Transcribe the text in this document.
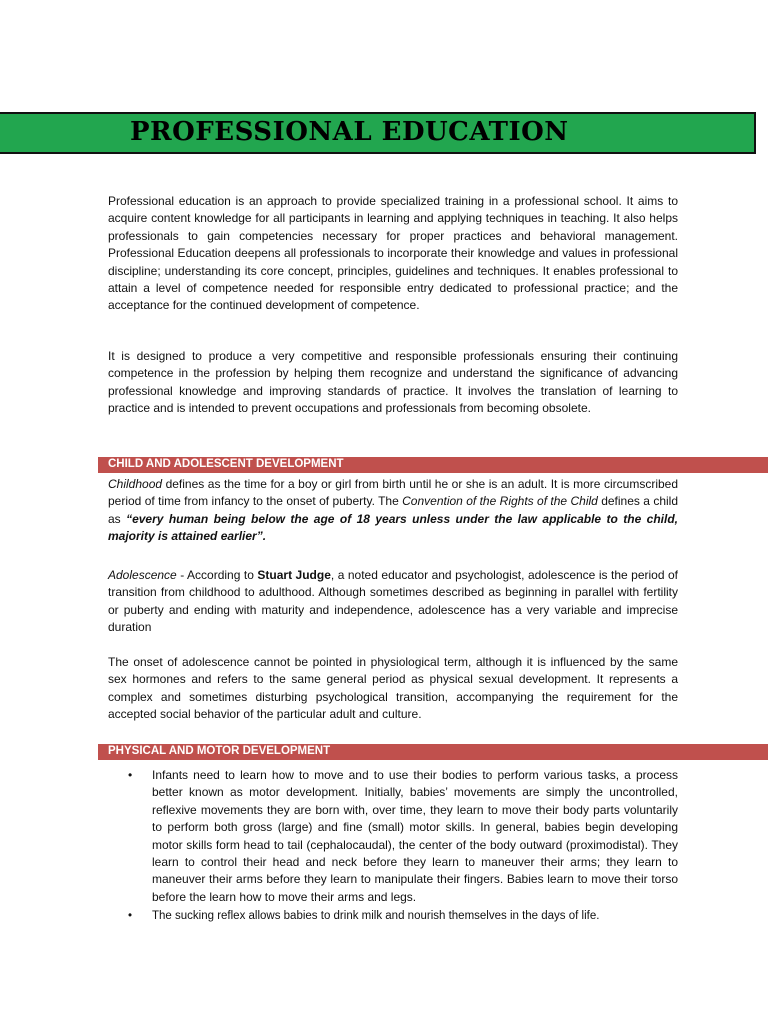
PROFESSIONAL EDUCATION

Professional education is an approach to provide specialized training in a professional school. It aims to acquire content knowledge for all participants in learning and applying techniques in teaching. It also helps professionals to gain competencies necessary for proper practices and behavioral management. Professional Education deepens all professionals to incorporate their knowledge and values in professional discipline; understanding its core concept, principles, guidelines and techniques. It enables professional to attain a level of competence needed for responsible entry dedicated to professional practice; and the acceptance for the continued development of competence.

It is designed to produce a very competitive and responsible professionals ensuring their continuing competence in the profession by helping them recognize and understand the significance of advancing professional knowledge and improving standards of practice. It involves the translation of learning to practice and is intended to prevent occupations and professionals from becoming obsolete.

CHILD AND ADOLESCENT DEVELOPMENT

Childhood defines as the time for a boy or girl from birth until he or she is an adult. It is more circumscribed period of time from infancy to the onset of puberty. The Convention of the Rights of the Child defines a child as “every human being below the age of 18 years unless under the law applicable to the child, majority is attained earlier”.

Adolescence - According to Stuart Judge, a noted educator and psychologist, adolescence is the period of transition from childhood to adulthood. Although sometimes described as beginning in parallel with fertility or puberty and ending with maturity and independence, adolescence has a very variable and imprecise duration

The onset of adolescence cannot be pointed in physiological term, although it is influenced by the same sex hormones and refers to the same general period as physical sexual development. It represents a complex and sometimes disturbing psychological transition, accompanying the requirement for the accepted social behavior of the particular adult and culture.

PHYSICAL AND MOTOR DEVELOPMENT
• Infants need to learn how to move and to use their bodies to perform various tasks, a process better known as motor development. Initially, babies’ movements are simply the uncontrolled, reflexive movements they are born with, over time, they learn to move their body parts voluntarily to perform both gross (large) and fine (small) motor skills. In general, babies begin developing motor skills form head to tail (cephalocaudal), the center of the body outward (proximodistal). They learn to control their head and neck before they learn to maneuver their arms; they learn to maneuver their arms before they learn to manipulate their fingers. Babies learn to move their torso before the learn how to move their arms and legs.
• The sucking reflex allows babies to drink milk and nourish themselves in the days of life.
